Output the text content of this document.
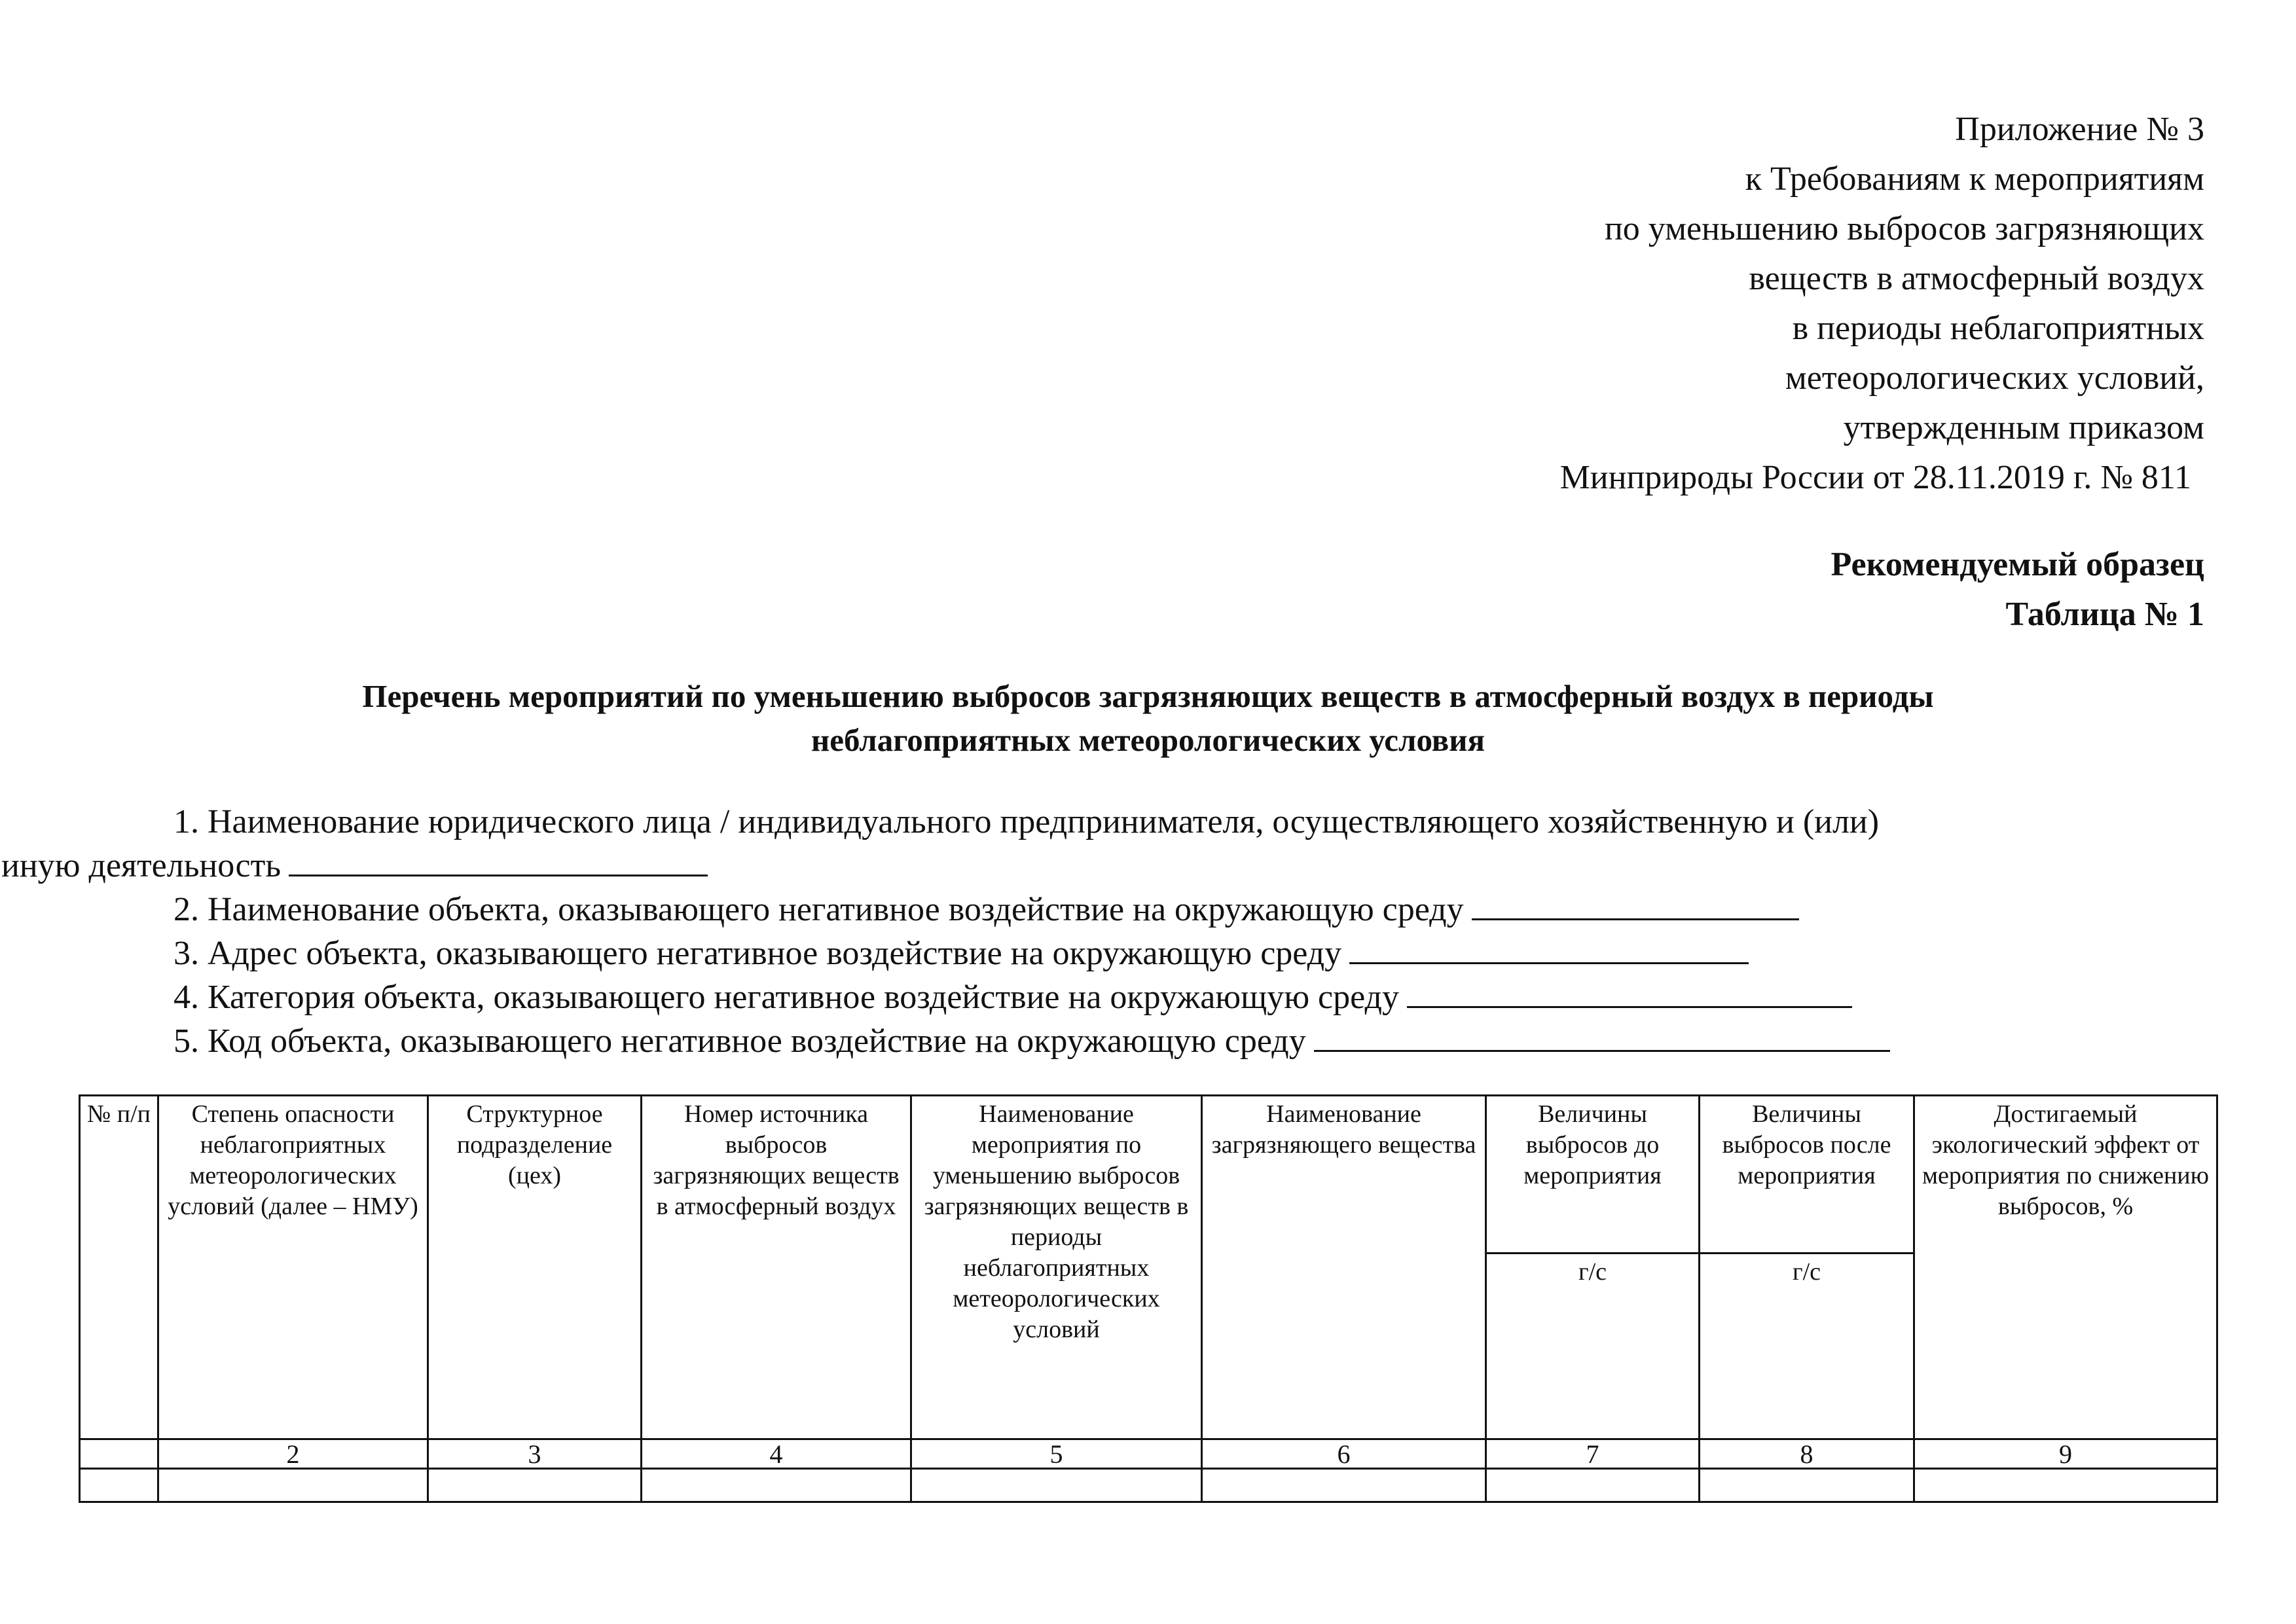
Приложение № 3
к Требованиям к мероприятиям
по уменьшению выбросов загрязняющих
веществ в атмосферный воздух
в периоды неблагоприятных
метеорологических условий,
утвержденным приказом
Минприроды России от 28.11.2019 г. № 811
Рекомендуемый образец
Таблица № 1
Перечень мероприятий по уменьшению выбросов загрязняющих веществ в атмосферный воздух в периоды
неблагоприятных метеорологических условия
1. Наименование юридического лица / индивидуального предпринимателя, осуществляющего хозяйственную и (или)
иную деятельность
2. Наименование объекта, оказывающего негативное воздействие на окружающую среду
3. Адрес объекта, оказывающего негативное воздействие на окружающую среду
4. Категория объекта, оказывающего негативное воздействие на окружающую среду
5. Код объекта, оказывающего негативное воздействие на окружающую среду
№ п/п	Степень опасности неблагоприятных метеорологических условий (далее – НМУ)	Структурное подразделение (цех)	Номер источника выбросов загрязняющих веществ в атмосферный воздух	Наименование мероприятия по уменьшению выбросов загрязняющих веществ в периоды неблагоприятных метеорологических условий	Наименование загрязняющего вещества	Величины выбросов до мероприятия	Величины выбросов после мероприятия	Достигаемый экологический эффект от мероприятия по снижению выбросов, %
						г/с	г/с	
	2	3	4	5	6	7	8	9
